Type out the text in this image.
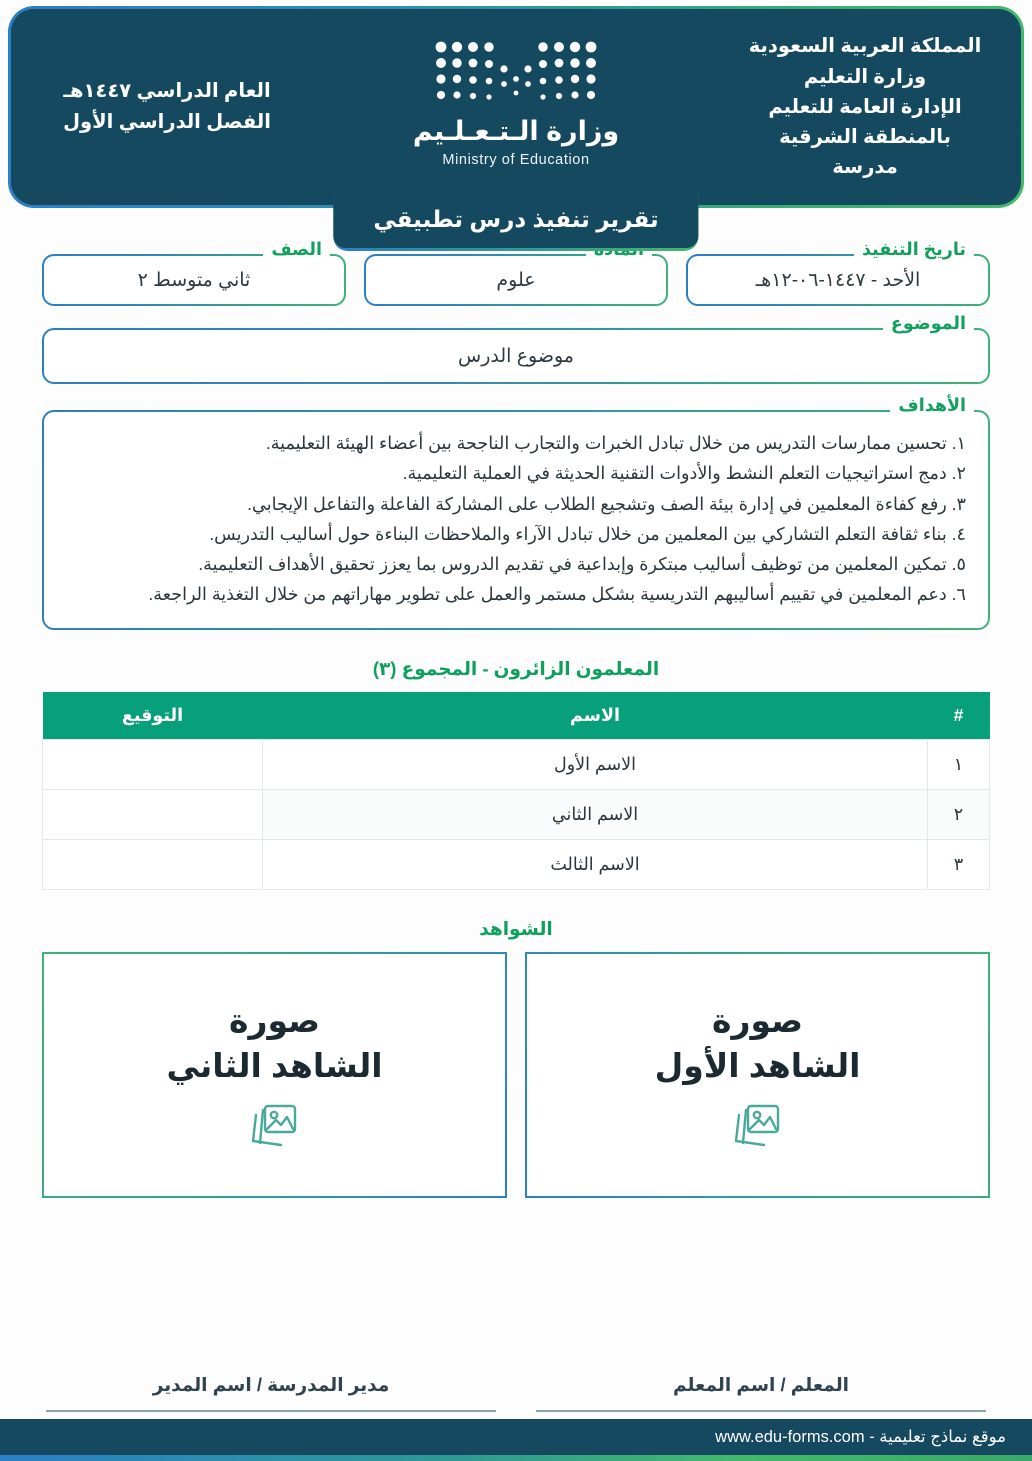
المملكة العربية السعودية
وزارة التعليم
الإدارة العامة للتعليم
بالمنطقة الشرقية
مدرسة
وزارة الـتـعـلـيم
Ministry of Education
العام الدراسي ١٤٤٧هـ
الفصل الدراسي الأول
تقرير تنفيذ درس تطبيقي
تاريخ التنفيذ
الأحد - ١٤٤٧-٠٦-١٢هـ
علوم
الصف
ثاني متوسط ٢
الموضوع
موضوع الدرس
الأهداف
١. تحسين ممارسات التدريس من خلال تبادل الخبرات والتجارب الناجحة بين أعضاء الهيئة التعليمية.
٢. دمج استراتيجيات التعلم النشط والأدوات التقنية الحديثة في العملية التعليمية.
٣. رفع كفاءة المعلمين في إدارة بيئة الصف وتشجيع الطلاب على المشاركة الفاعلة والتفاعل الإيجابي.
٤. بناء ثقافة التعلم التشاركي بين المعلمين من خلال تبادل الآراء والملاحظات البناءة حول أساليب التدريس.
٥. تمكين المعلمين من توظيف أساليب مبتكرة وإبداعية في تقديم الدروس بما يعزز تحقيق الأهداف التعليمية.
٦. دعم المعلمين في تقييم أساليبهم التدريسية بشكل مستمر والعمل على تطوير مهاراتهم من خلال التغذية الراجعة.
المعلمون الزائرون - المجموع (٣)
#	الاسم	التوقيع
١	الاسم الأول	
٢	الاسم الثاني	
٣	الاسم الثالث	
الشواهد
صورة
الشاهد الأول
صورة
الشاهد الثاني
المعلم / اسم المعلم
مدير المدرسة / اسم المدير
موقع نماذج تعليمية - www.edu-forms.com
